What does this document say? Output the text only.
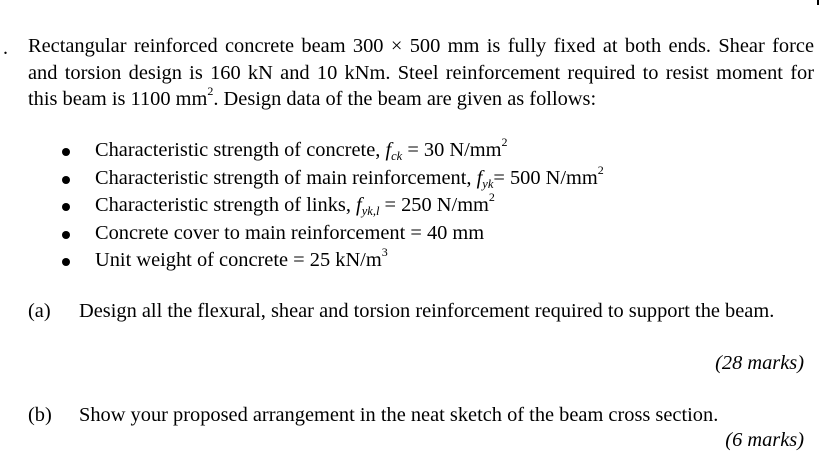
. Rectangular reinforced concrete beam 300 × 500 mm is fully fixed at both ends. Shear force and torsion design is 160 kN and 10 kNm. Steel reinforcement required to resist moment for this beam is 1100 $mm^2$. Design data of the beam are given as follows:
Characteristic strength of concrete, fck = 30 $N/mm^2$
Characteristic strength of main reinforcement, fyk= 500 $N/mm^2$
Characteristic strength of links, fyk,l = 250 $N/mm^2$
Concrete cover to main reinforcement = 40 mm
Unit weight of concrete = 25 $kN/m^3$
(a) Design all the flexural, shear and torsion reinforcement required to support the beam.
(28 marks)
(b) Show your proposed arrangement in the neat sketch of the beam cross section.
(6 marks)
